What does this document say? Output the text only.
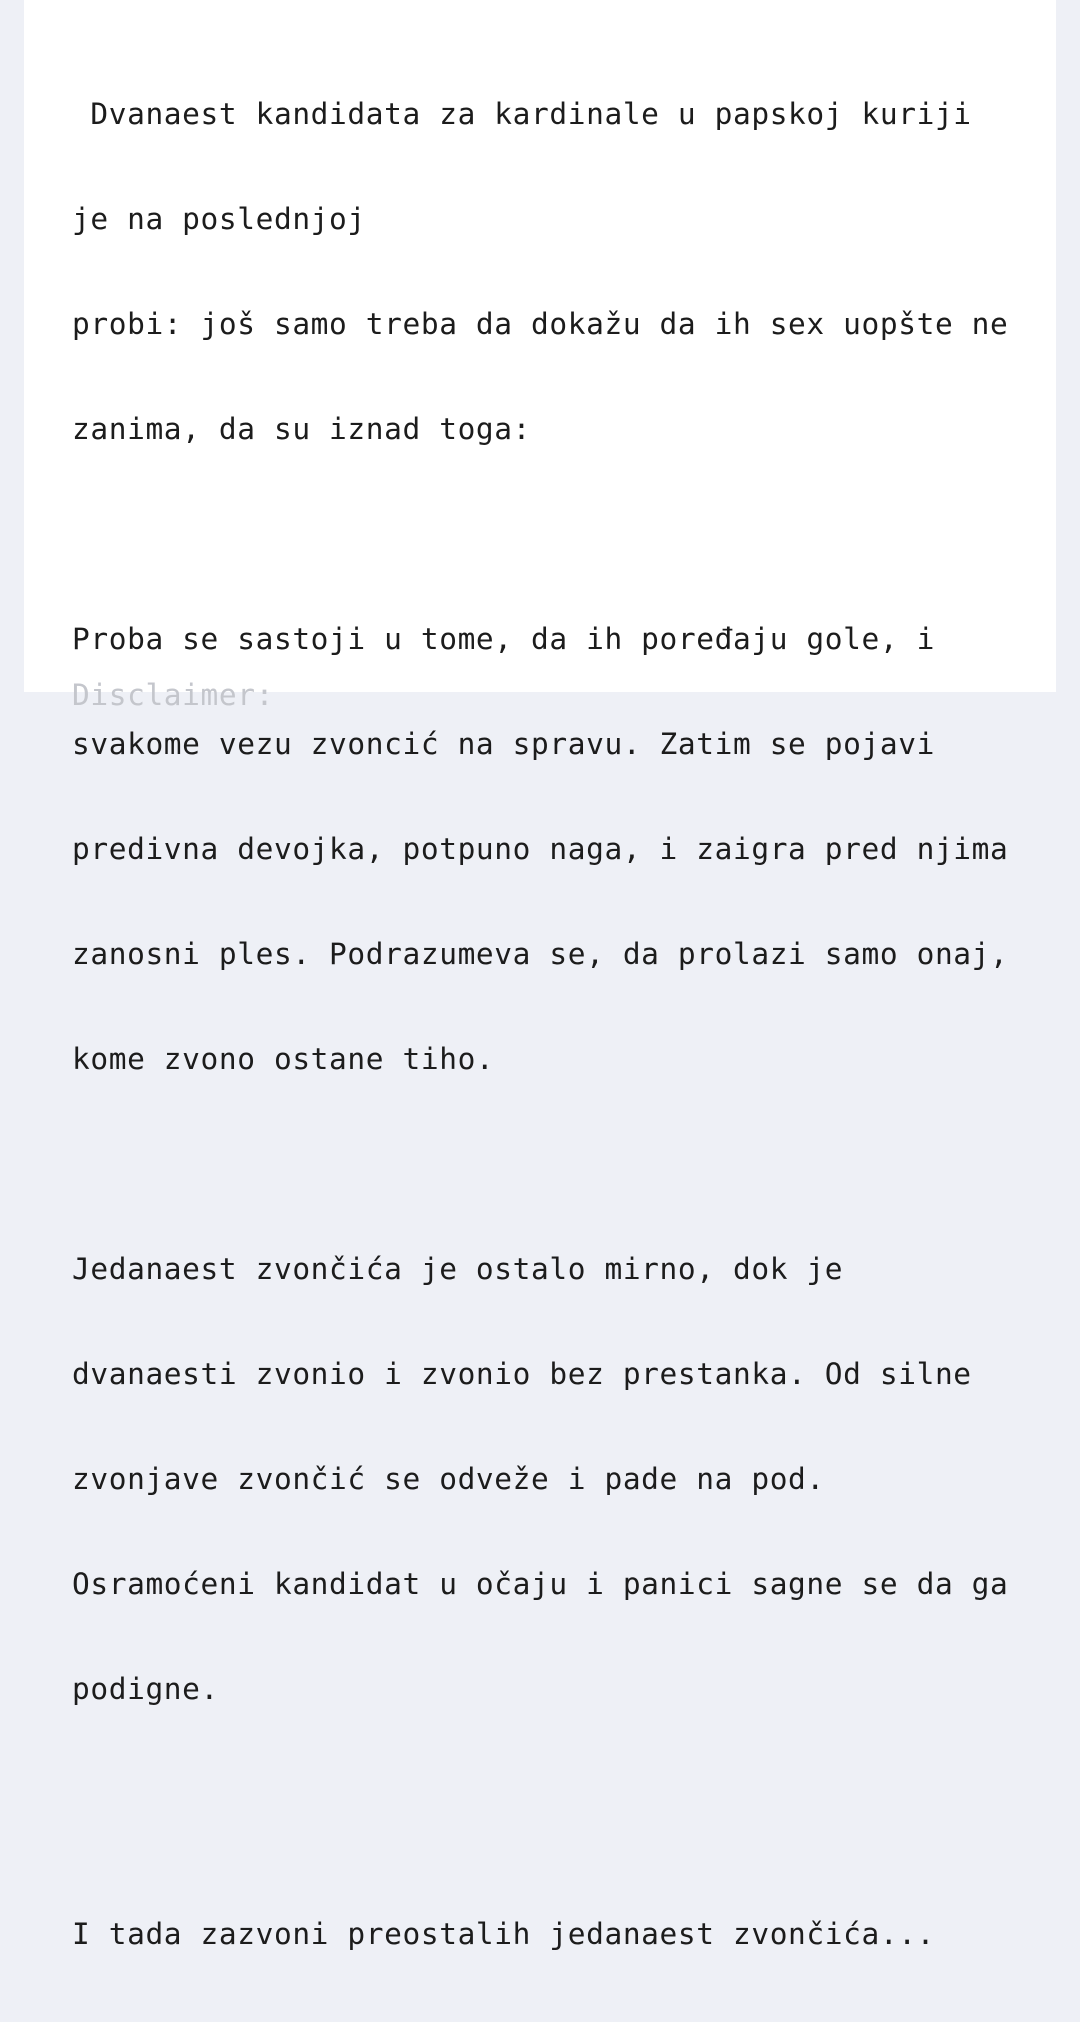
Dvanaest kandidata za kardinale u papskoj kuriji

je na poslednjoj

probi: još samo treba da dokažu da ih sex uopšte ne

zanima, da su iznad toga:

Proba se sastoji u tome, da ih poređaju gole, i

svakome vezu zvoncić na spravu. Zatim se pojavi

predivna devojka, potpuno naga, i zaigra pred njima

zanosni ples. Podrazumeva se, da prolazi samo onaj,

kome zvono ostane tiho.

Jedanaest zvončića je ostalo mirno, dok je

dvanaesti zvonio i zvonio bez prestanka. Od silne

zvonjave zvončić se odveže i pade na pod.

Osramoćeni kandidat u očaju i panici sagne se da ga

podigne.

I tada zazvoni preostalih jedanaest zvončića...

Disclaimer:
